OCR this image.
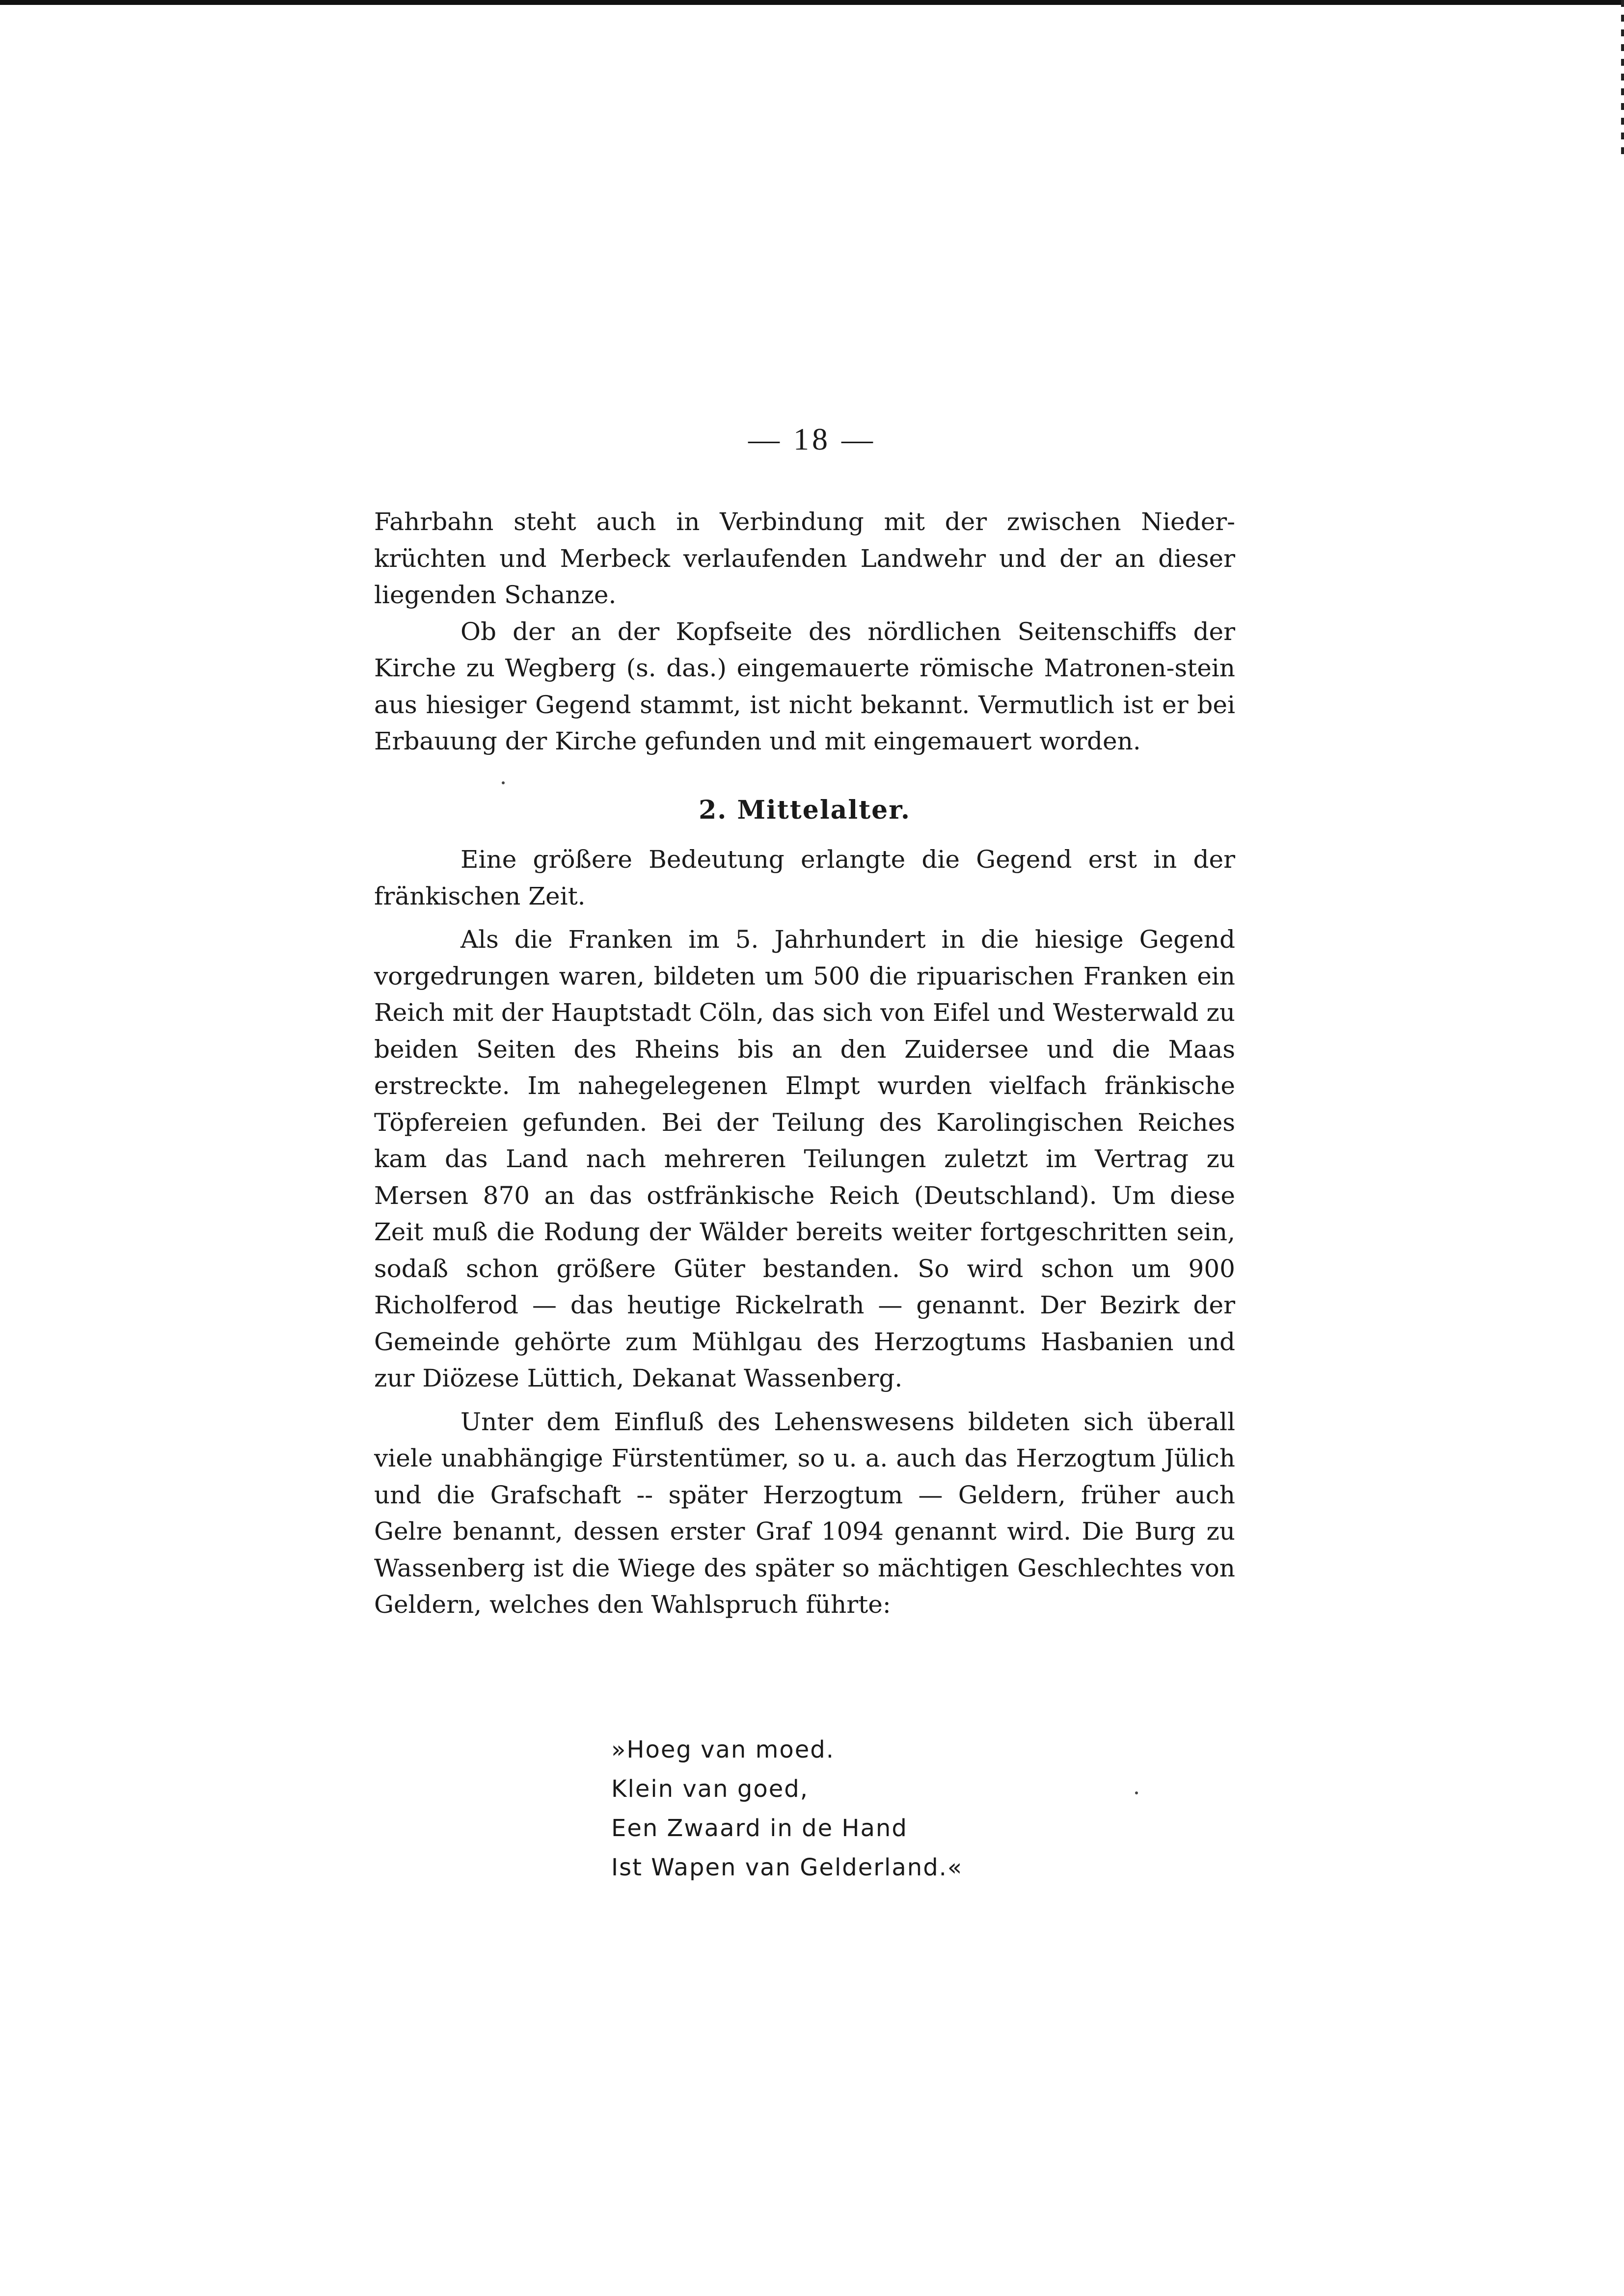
— 18 —

Fahrbahn steht auch in Verbindung mit der zwischen Nieder-krüchten und Merbeck verlaufenden Landwehr und der an dieser liegenden Schanze.

Ob der an der Kopfseite des nördlichen Seitenschiffs der Kirche zu Wegberg (s. das.) eingemauerte römische Matronen-stein aus hiesiger Gegend stammt, ist nicht bekannt. Vermutlich ist er bei Erbauung der Kirche gefunden und mit eingemauert worden.

2. Mittelalter.

Eine größere Bedeutung erlangte die Gegend erst in der fränkischen Zeit.

Als die Franken im 5. Jahrhundert in die hiesige Gegend vorgedrungen waren, bildeten um 500 die ripuarischen Franken ein Reich mit der Hauptstadt Cöln, das sich von Eifel und Westerwald zu beiden Seiten des Rheins bis an den Zuidersee und die Maas erstreckte. Im nahegelegenen Elmpt wurden vielfach fränkische Töpfereien gefunden. Bei der Teilung des Karolingischen Reiches kam das Land nach mehreren Teilungen zuletzt im Vertrag zu Mersen 870 an das ostfränkische Reich (Deutschland). Um diese Zeit muß die Rodung der Wälder bereits weiter fortgeschritten sein, sodaß schon größere Güter bestanden. So wird schon um 900 Richolferod — das heutige Rickelrath — genannt. Der Bezirk der Gemeinde gehörte zum Mühlgau des Herzogtums Hasbanien und zur Diözese Lüttich, Dekanat Wassenberg.

Unter dem Einfluß des Lehenswesens bildeten sich überall viele unabhängige Fürstentümer, so u. a. auch das Herzogtum Jülich und die Grafschaft -- später Herzogtum — Geldern, früher auch Gelre benannt, dessen erster Graf 1094 genannt wird. Die Burg zu Wassenberg ist die Wiege des später so mächtigen Geschlechtes von Geldern, welches den Wahlspruch führte:

»Hoeg van moed.
Klein van goed,
Een Zwaard in de Hand
Ist Wapen van Gelderland.«
